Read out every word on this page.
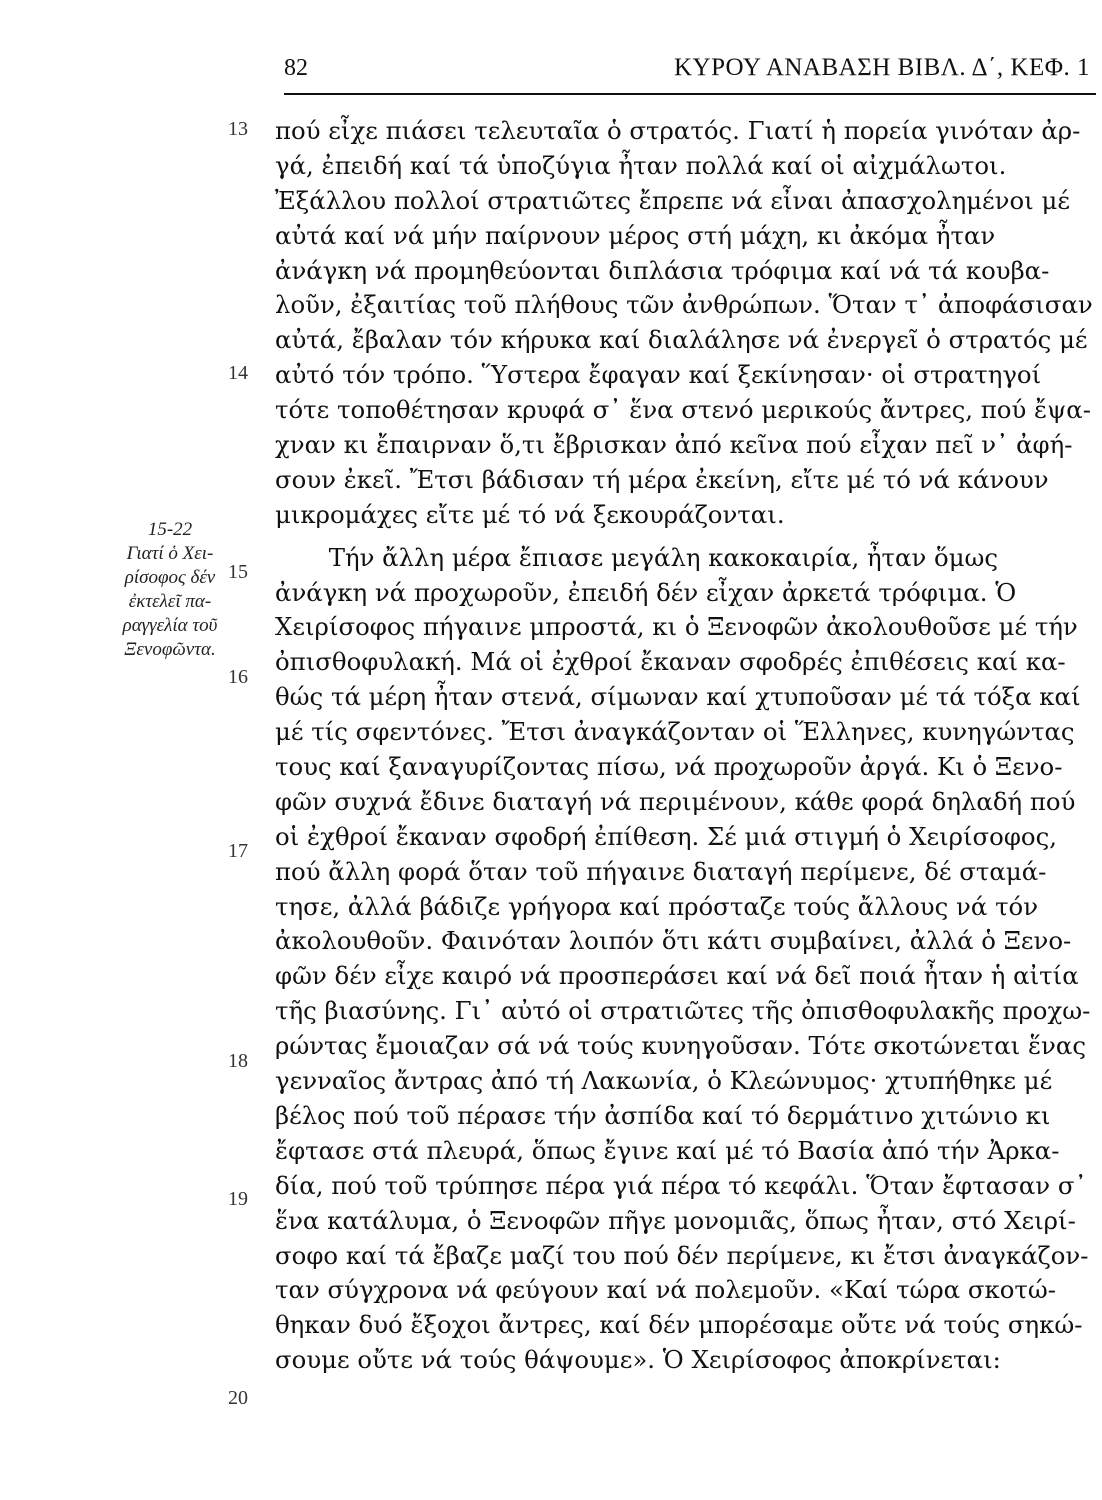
82	ΚΥΡΟΥ ΑΝΑΒΑΣΗ ΒΙΒΛ. Δ΄, ΚΕΦ. 1
13
14
15
16
17
18
19
20
15-22
Γιατί ὁ Χει-
ρίσοφος δέν
ἐκτελεῖ πα-
ραγγελία τοῦ
Ξενοφῶντα.
πού εἶχε πιάσει τελευταῖα ὁ στρατός. Γιατί ἡ πορεία γινόταν ἀρ-
γά, ἐπειδή καί τά ὑποζύγια ἦταν πολλά καί οἱ αἰχμάλωτοι.
Ἐξάλλου πολλοί στρατιῶτες ἔπρεπε νά εἶναι ἀπασχολημένοι μέ
αὐτά καί νά μήν παίρνουν μέρος στή μάχη, κι ἀκόμα ἦταν
ἀνάγκη νά προμηθεύονται διπλάσια τρόφιμα καί νά τά κουβα-
λοῦν, ἐξαιτίας τοῦ πλήθους τῶν ἀνθρώπων. Ὅταν τ᾿ ἀποφάσισαν
αὐτά, ἔβαλαν τόν κήρυκα καί διαλάλησε νά ἐνεργεῖ ὁ στρατός μέ
αὐτό τόν τρόπο. Ὕστερα ἔφαγαν καί ξεκίνησαν· οἱ στρατηγοί
τότε τοποθέτησαν κρυφά σ᾿ ἕνα στενό μερικούς ἄντρες, πού ἔψα-
χναν κι ἔπαιρναν ὅ,τι ἔβρισκαν ἀπό κεῖνα πού εἶχαν πεῖ ν᾿ ἀφή-
σουν ἐκεῖ. Ἔτσι βάδισαν τή μέρα ἐκείνη, εἴτε μέ τό νά κάνουν
μικρομάχες εἴτε μέ τό νά ξεκουράζονται.
Τήν ἄλλη μέρα ἔπιασε μεγάλη κακοκαιρία, ἦταν ὅμως
ἀνάγκη νά προχωροῦν, ἐπειδή δέν εἶχαν ἀρκετά τρόφιμα. Ὁ
Χειρίσοφος πήγαινε μπροστά, κι ὁ Ξενοφῶν ἀκολουθοῦσε μέ τήν
ὀπισθοφυλακή. Μά οἱ ἐχθροί ἔκαναν σφοδρές ἐπιθέσεις καί κα-
θώς τά μέρη ἦταν στενά, σίμωναν καί χτυποῦσαν μέ τά τόξα καί
μέ τίς σφεντόνες. Ἔτσι ἀναγκάζονταν οἱ Ἕλληνες, κυνηγώντας
τους καί ξαναγυρίζοντας πίσω, νά προχωροῦν ἀργά. Κι ὁ Ξενο-
φῶν συχνά ἔδινε διαταγή νά περιμένουν, κάθε φορά δηλαδή πού
οἱ ἐχθροί ἔκαναν σφοδρή ἐπίθεση. Σέ μιά στιγμή ὁ Χειρίσοφος,
πού ἄλλη φορά ὅταν τοῦ πήγαινε διαταγή περίμενε, δέ σταμά-
τησε, ἀλλά βάδιζε γρήγορα καί πρόσταζε τούς ἄλλους νά τόν
ἀκολουθοῦν. Φαινόταν λοιπόν ὅτι κάτι συμβαίνει, ἀλλά ὁ Ξενο-
φῶν δέν εἶχε καιρό νά προσπεράσει καί νά δεῖ ποιά ἦταν ἡ αἰτία
τῆς βιασύνης. Γι᾿ αὐτό οἱ στρατιῶτες τῆς ὀπισθοφυλακῆς προχω-
ρώντας ἔμοιαζαν σά νά τούς κυνηγοῦσαν. Τότε σκοτώνεται ἕνας
γενναῖος ἄντρας ἀπό τή Λακωνία, ὁ Κλεώνυμος· χτυπήθηκε μέ
βέλος πού τοῦ πέρασε τήν ἀσπίδα καί τό δερμάτινο χιτώνιο κι
ἔφτασε στά πλευρά, ὅπως ἔγινε καί μέ τό Βασία ἀπό τήν Ἀρκα-
δία, πού τοῦ τρύπησε πέρα γιά πέρα τό κεφάλι. Ὅταν ἔφτασαν σ᾿
ἕνα κατάλυμα, ὁ Ξενοφῶν πῆγε μονομιᾶς, ὅπως ἦταν, στό Χειρί-
σοφο καί τά ἔβαζε μαζί του πού δέν περίμενε, κι ἔτσι ἀναγκάζον-
ταν σύγχρονα νά φεύγουν καί νά πολεμοῦν. «Καί τώρα σκοτώ-
θηκαν δυό ἔξοχοι ἄντρες, καί δέν μπορέσαμε οὔτε νά τούς σηκώ-
σουμε οὔτε νά τούς θάψουμε». Ὁ Χειρίσοφος ἀποκρίνεται:
